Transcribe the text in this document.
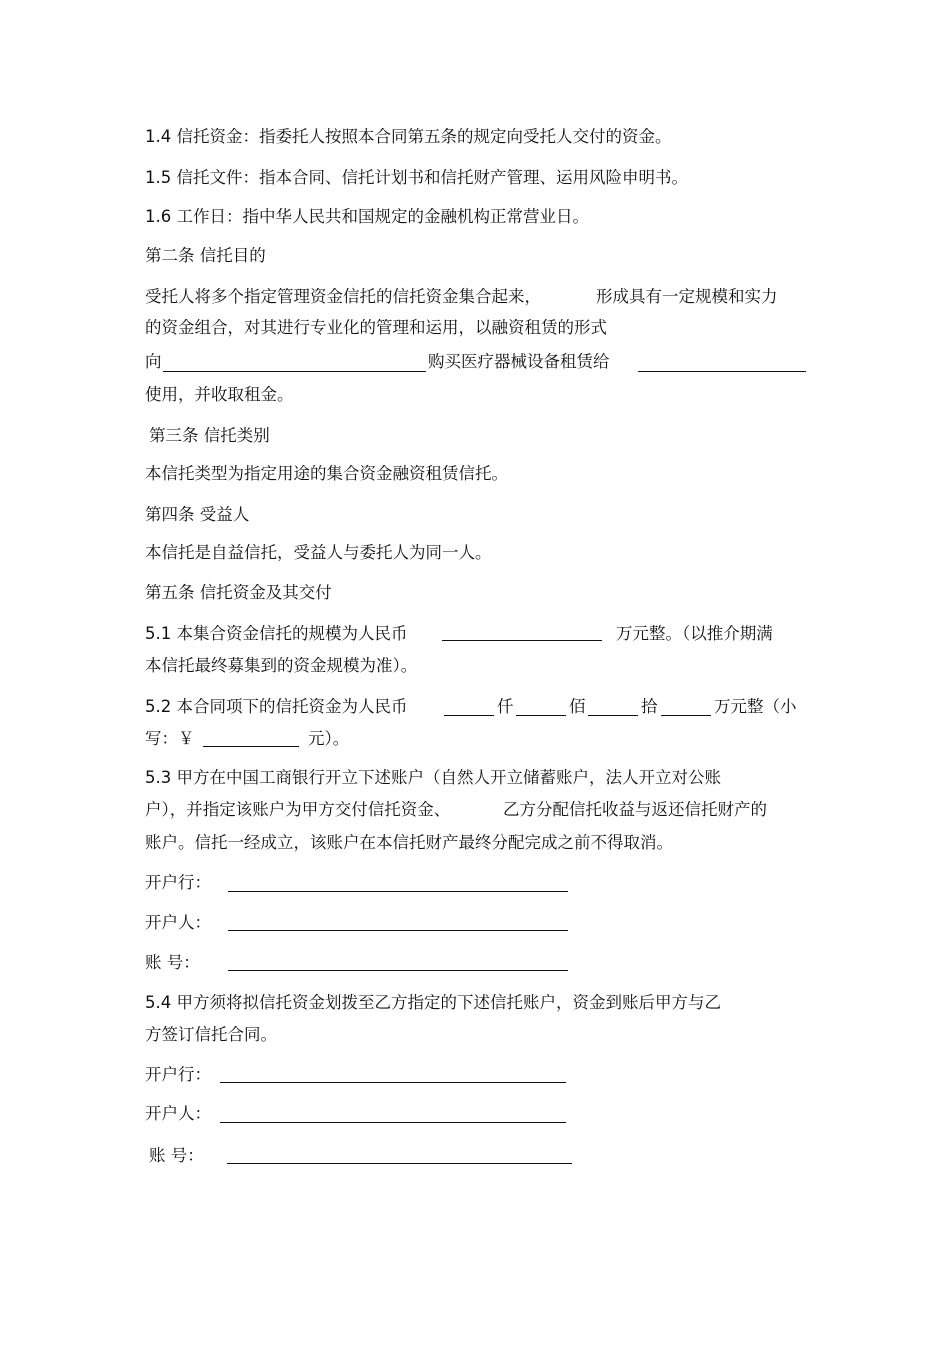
1.4 信托资金：指委托人按照本合同第五条的规定向受托人交付的资金。
1.5 信托文件：指本合同、信托计划书和信托财产管理、运用风险申明书。
1.6 工作日：指中华人民共和国规定的金融机构正常营业日。
第二条 信托目的
受托人将多个指定管理资金信托的信托资金集合起来，	形成具有一定规模和实力
的资金组合，对其进行专业化的管理和运用，以融资租赁的形式
向	购买医疗器械设备租赁给
使用，并收取租金。
第三条 信托类别
本信托类型为指定用途的集合资金融资租赁信托。
第四条 受益人
本信托是自益信托，受益人与委托人为同一人。
第五条 信托资金及其交付
5.1 本集合资金信托的规模为人民币	万元整。（以推介期满
本信托最终募集到的资金规模为准）。
5.2 本合同项下的信托资金为人民币	仟	佰	拾	万元整（小
写：￥	元）。
5.3 甲方在中国工商银行开立下述账户（自然人开立储蓄账户，法人开立对公账
户），并指定该账户为甲方交付信托资金、	乙方分配信托收益与返还信托财产的
账户。信托一经成立，该账户在本信托财产最终分配完成之前不得取消。
开户行：
开户人：
账 号：
5.4 甲方须将拟信托资金划拨至乙方指定的下述信托账户，资金到账后甲方与乙
方签订信托合同。
开户行：
开户人：
账 号：
